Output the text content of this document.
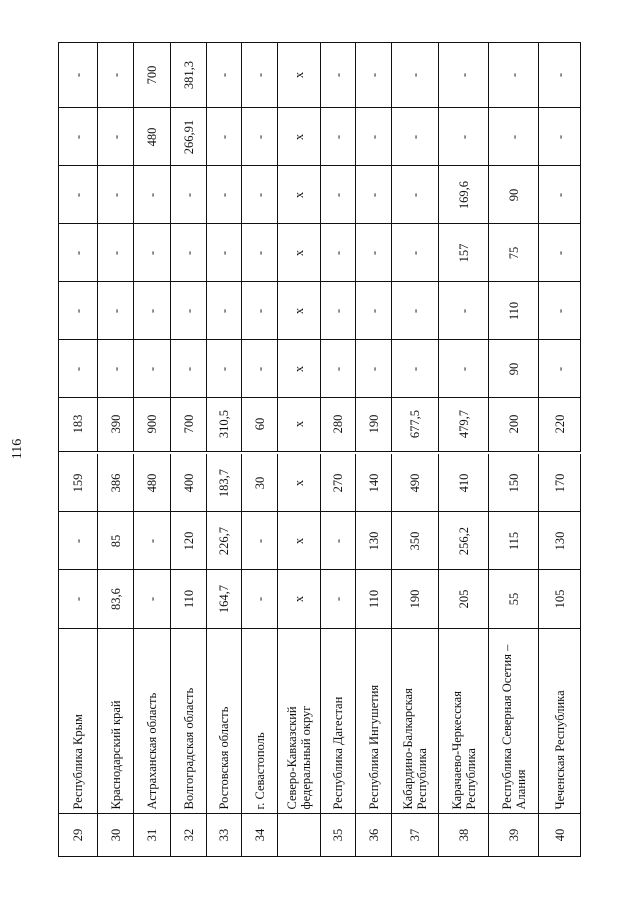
116
29
Республика Крым
-
-
159
183
-
-
-
-
-
-
30
Краснодарский край
83,6
85
386
390
-
-
-
-
-
-
31
Астраханская область
-
-
480
900
-
-
-
-
480
700
32
Волгоградская область
110
120
400
700
-
-
-
-
266,91
381,3
33
Ростовская область
164,7
226,7
183,7
310,5
-
-
-
-
-
-
34
г. Севастополь
-
-
30
60
-
-
-
-
-
-
Северо-Кавказский федеральный округ
x
x
x
x
x
x
x
x
x
x
35
Республика Дагестан
-
-
270
280
-
-
-
-
-
-
36
Республика Ингушетия
110
130
140
190
-
-
-
-
-
-
37
Кабардино-Балкарская Республика
190
350
490
677,5
-
-
-
-
-
-
38
Карачаево-Черкесская Республика
205
256,2
410
479,7
-
-
157
169,6
-
-
39
Республика Северная Осетия – Алания
55
115
150
200
90
110
75
90
-
-
40
Чеченская Республика
105
130
170
220
-
-
-
-
-
-
